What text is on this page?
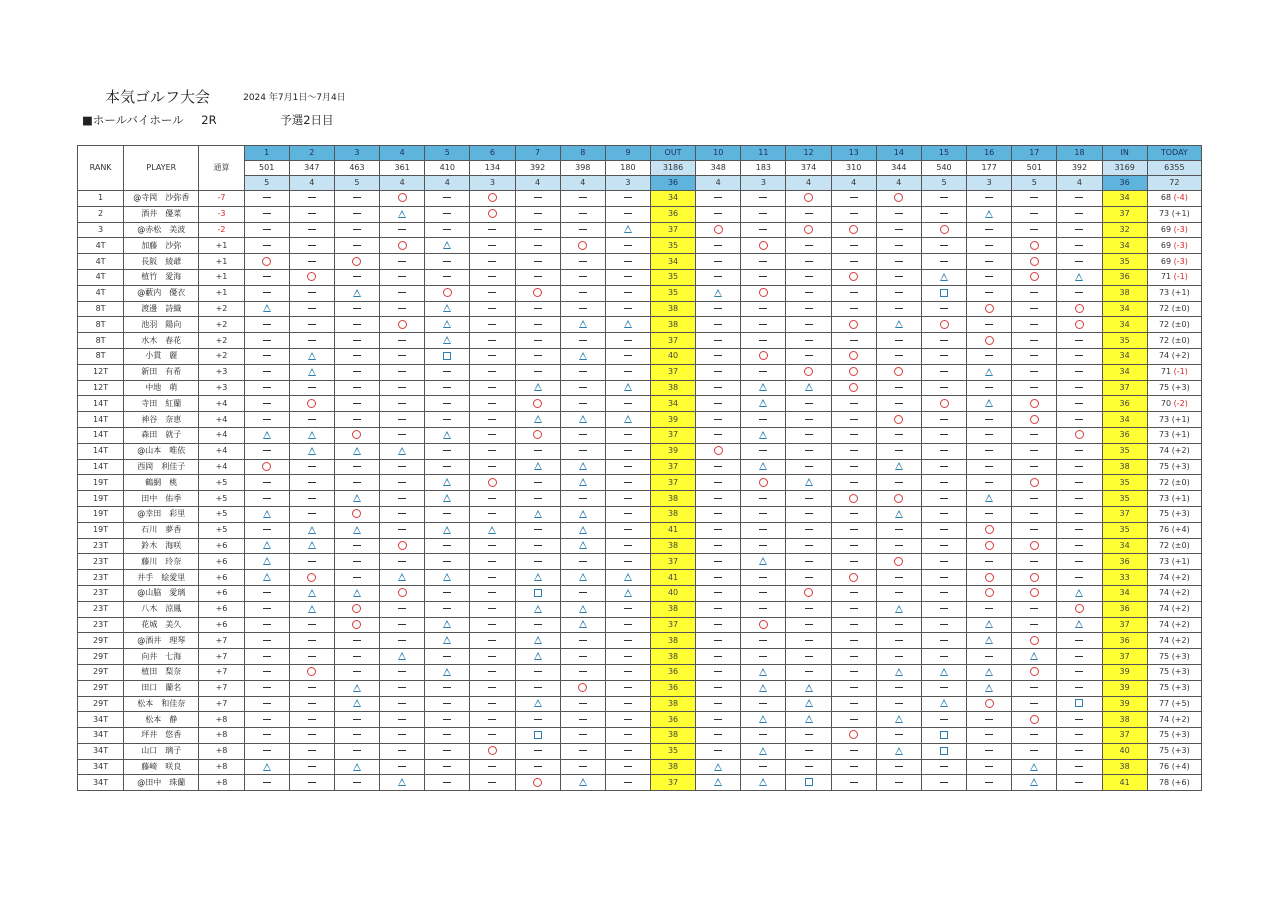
本気ゴルフ大会	2024 年7月1日～7月4日
■ホールバイホール 2R	予選2日目
RANK	PLAYER	通算	1	2	3	4	5	6	7	8	9	OUT	10	11	12	13	14	15	16	17	18	IN	TODAY
			501	347	463	361	410	134	392	398	180	3186	348	183	374	310	344	540	177	501	392	3169	6355
			5	4	5	4	4	3	4	4	3	36	4	3	4	4	4	5	3	5	4	36	72
1	@寺岡　沙弥香	-7										34										34	68 (-4)
2	酒井　優菜	-3										36										37	73 (+1)
3	@赤松　美波	-2										37										32	69 (-3)
4T	加藤　沙弥	+1										35										34	69 (-3)
4T	長阪　綾爺	+1										34										35	69 (-3)
4T	植竹　愛海	+1										35										36	71 (-1)
4T	@藪内　優衣	+1										35										38	73 (+1)
8T	渡邊　詩織	+2										38										34	72 (±0)
8T	池羽　陽向	+2										38										34	72 (±0)
8T	水木　春花	+2										37										35	72 (±0)
8T	小貫　麗	+2										40										34	74 (+2)
12T	新田　有希	+3										37										34	71 (-1)
12T	中地　萌	+3										38										37	75 (+3)
14T	寺田　紅蘭	+4										34										36	70 (-2)
14T	神谷　奈恵	+4										39										34	73 (+1)
14T	森田　就子	+4										37										36	73 (+1)
14T	@山本　唯依	+4										39										35	74 (+2)
14T	西岡　利佳子	+4										37										38	75 (+3)
19T	鶴網　桃	+5										37										35	72 (±0)
19T	田中　佑季	+5										38										35	73 (+1)
19T	@幸田　彩里	+5										38										37	75 (+3)
19T	石川　夢香	+5										41										35	76 (+4)
23T	鈴木　海咲	+6										38										34	72 (±0)
23T	藤川　玲奈	+6										37										36	73 (+1)
23T	井手　絵愛里	+6										41										33	74 (+2)
23T	@山脇　愛璃	+6										40										34	74 (+2)
23T	八木　涼鳳	+6										38										36	74 (+2)
23T	花城　美久	+6										37										37	74 (+2)
29T	@酒井　理琴	+7										38										36	74 (+2)
29T	向井　七海	+7										38										37	75 (+3)
29T	植田　梨奈	+7										36										39	75 (+3)
29T	田口　蘭名	+7										36										39	75 (+3)
29T	松本　和佳奈	+7										38										39	77 (+5)
34T	松本　静	+8										36										38	74 (+2)
34T	坪井　悠香	+8										38										37	75 (+3)
34T	山口　璃子	+8										35										40	75 (+3)
34T	藤崎　咲良	+8										38										38	76 (+4)
34T	@田中　珠蘭	+8										37										41	78 (+6)
